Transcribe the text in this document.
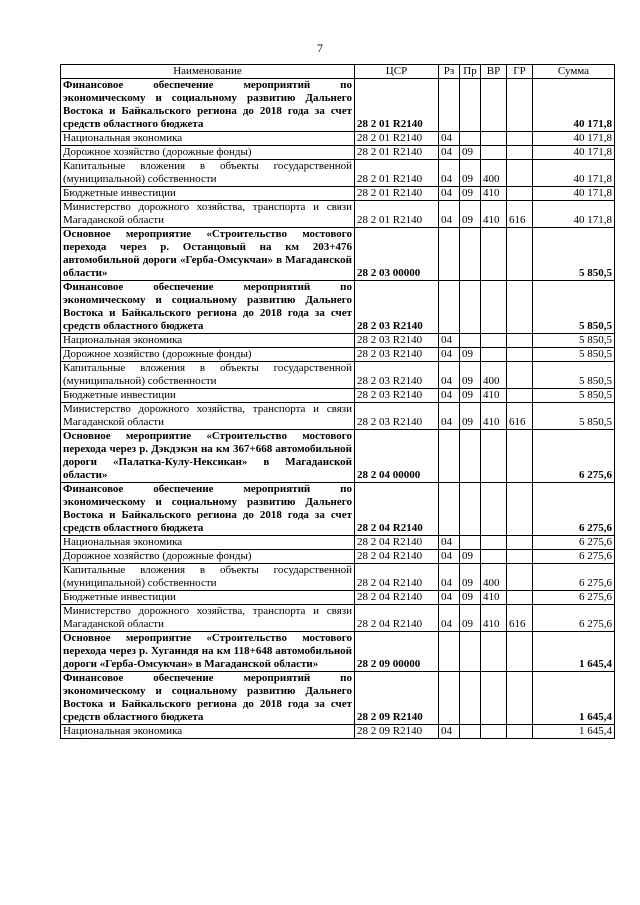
7
Наименование	ЦСР	Рз	Пр	ВР	ГР	Сумма
Финансовое обеспечение мероприятий по экономическому и социальному развитию Дальнего Востока и Байкальского региона до 2018 года за счет средств областного бюджета	28 2 01 R2140					40 171,8
Национальная экономика	28 2 01 R2140	04				40 171,8
Дорожное хозяйство (дорожные фонды)	28 2 01 R2140	04	09			40 171,8
Капитальные вложения в объекты государственной (муниципальной) собственности	28 2 01 R2140	04	09	400		40 171,8
Бюджетные инвестиции	28 2 01 R2140	04	09	410		40 171,8
Министерство дорожного хозяйства, транспорта и связи Магаданской области	28 2 01 R2140	04	09	410	616	40 171,8
Основное мероприятие «Строительство мостового перехода через р. Останцовый на км 203+476 автомобильной дороги «Герба-Омсукчан» в Магаданской области»	28 2 03 00000					5 850,5
Финансовое обеспечение мероприятий по экономическому и социальному развитию Дальнего Востока и Байкальского региона до 2018 года за счет средств областного бюджета	28 2 03 R2140					5 850,5
Национальная экономика	28 2 03 R2140	04				5 850,5
Дорожное хозяйство (дорожные фонды)	28 2 03 R2140	04	09			5 850,5
Капитальные вложения в объекты государственной (муниципальной) собственности	28 2 03 R2140	04	09	400		5 850,5
Бюджетные инвестиции	28 2 03 R2140	04	09	410		5 850,5
Министерство дорожного хозяйства, транспорта и связи Магаданской области	28 2 03 R2140	04	09	410	616	5 850,5
Основное мероприятие «Строительство мостового перехода через р. Дэкдэкэн на км 367+668 автомобильной дороги «Палатка-Кулу-Нексикан» в Магаданской области»	28 2 04 00000					6 275,6
Финансовое обеспечение мероприятий по экономическому и социальному развитию Дальнего Востока и Байкальского региона до 2018 года за счет средств областного бюджета	28 2 04 R2140					6 275,6
Национальная экономика	28 2 04 R2140	04				6 275,6
Дорожное хозяйство (дорожные фонды)	28 2 04 R2140	04	09			6 275,6
Капитальные вложения в объекты государственной (муниципальной) собственности	28 2 04 R2140	04	09	400		6 275,6
Бюджетные инвестиции	28 2 04 R2140	04	09	410		6 275,6
Министерство дорожного хозяйства, транспорта и связи Магаданской области	28 2 04 R2140	04	09	410	616	6 275,6
Основное мероприятие «Строительство мостового перехода через р. Хуганндя на км 118+648 автомобильной дороги «Герба-Омсукчан» в Магаданской области»	28 2 09 00000					1 645,4
Финансовое обеспечение мероприятий по экономическому и социальному развитию Дальнего Востока и Байкальского региона до 2018 года за счет средств областного бюджета	28 2 09 R2140					1 645,4
Национальная экономика	28 2 09 R2140	04				1 645,4
